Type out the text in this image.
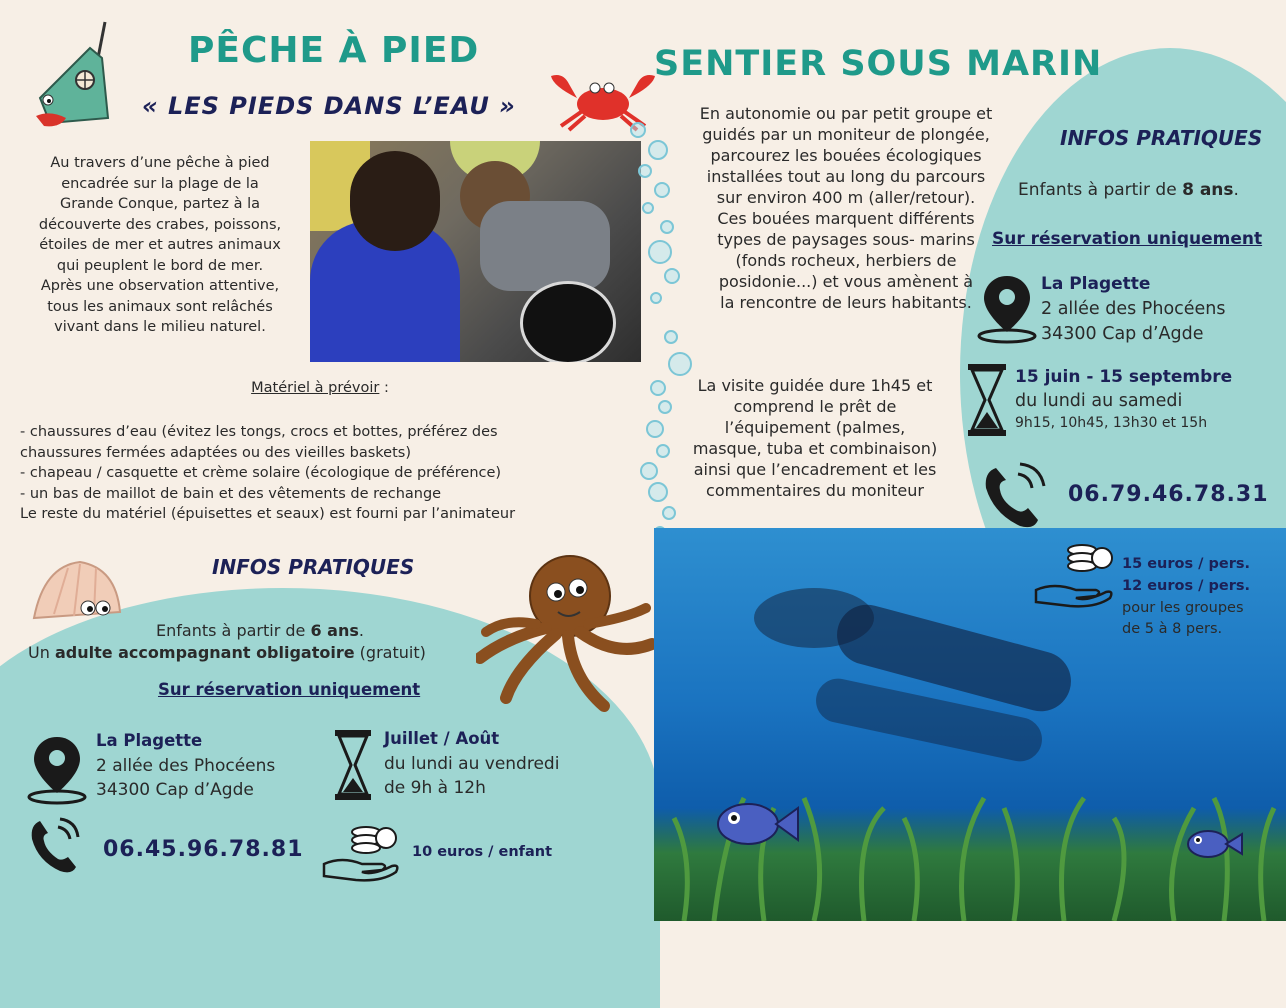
PÊCHE À PIED
« LES PIEDS DANS L’EAU »
Au travers d’une pêche à pied
encadrée sur la plage de la
Grande Conque, partez à la
découverte des crabes, poissons,
étoiles de mer et autres animaux
qui peuplent le bord de mer.
Après une observation attentive,
tous les animaux sont relâchés
vivant dans le milieu naturel.
Matériel à prévoir :
- chaussures d’eau (évitez les tongs, crocs et bottes, préférez des
chaussures fermées adaptées ou des vieilles baskets)
- chapeau / casquette et crème solaire (écologique de préférence)
- un bas de maillot de bain et des vêtements de rechange
Le reste du matériel (épuisettes et seaux) est fourni par l’animateur
INFOS PRATIQUES
Enfants à partir de 6 ans.
Un adulte accompagnant obligatoire (gratuit)
Sur réservation uniquement
La Plagette
2 allée des Phocéens
34300 Cap d’Agde
Juillet / Août
du lundi au vendredi
de 9h à 12h
06.45.96.78.81	10 euros / enfant
SENTIER SOUS MARIN
En autonomie ou par petit groupe et
guidés par un moniteur de plongée,
parcourez les bouées écologiques
installées tout au long du parcours
sur environ 400 m (aller/retour).
Ces bouées marquent différents
types de paysages sous- marins
(fonds rocheux, herbiers de
posidonie...) et vous amènent à
la rencontre de leurs habitants.
La visite guidée dure 1h45 et
comprend le prêt de
l’équipement (palmes,
masque, tuba et combinaison)
ainsi que l’encadrement et les
commentaires du moniteur
INFOS PRATIQUES
Enfants à partir de 8 ans.
Sur réservation uniquement
La Plagette
2 allée des Phocéens
34300 Cap d’Agde
15 juin - 15 septembre
du lundi au samedi
9h15, 10h45, 13h30 et 15h
06.79.46.78.31
15 euros / pers.
12 euros / pers.
pour les groupes
de 5 à 8 pers.
